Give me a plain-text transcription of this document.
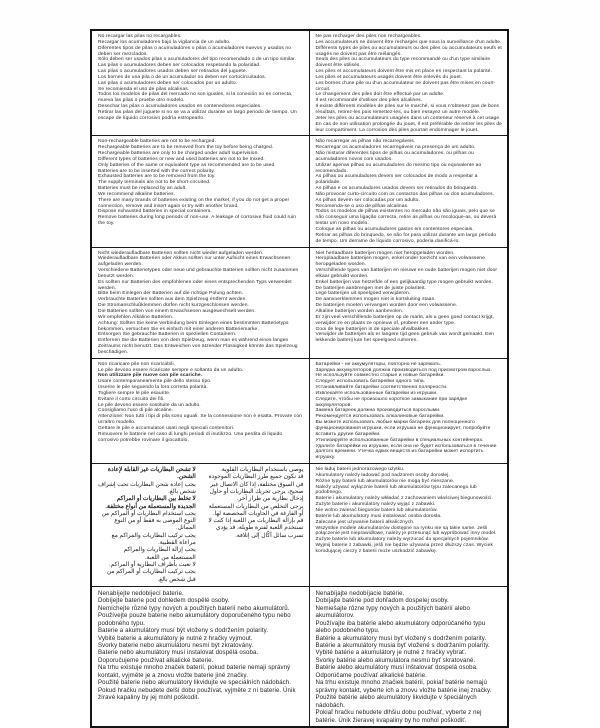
No recargar las pilas no recargables.
Recargar los acumuladores bajo la vigilancia de un adulto.
Diferentes tipos de pilas o acumuladores o pilas o acumuladores nuevos y usados no deben ser mezclados.
Sólo deben ser usados pilas o acumuladores del tipo recomendado o de un tipo similar.
Las pilas o acumuladores deben ser colocados respetando la polaridad.
Las pilas o acumuladores usados deben ser retirados del juguete.
Los bornes de una pila o de un acumulador no deben ser cortocircuitados.
Las pilas o acumuladores deben ser colocados por un adulto.
Se recomienda el uso de pilas alcalinas.
Todos los modelos de pilas del mercado no son iguales, si la conexión no es correcta, mueva las pilas o pruebe otro modelo.
Desechar las pilas o acumuladores usados en contenedores especiales.
Retirar las pilas del juguete si no se va a utilizar durante un largo periodo de tiempo. Un escape de líquido corrosivo podría estropearlo.

Ne pas recharger des piles non rechargeables.
Les accumulateurs ne doivent être rechargés que sous la surveillance d'un adulte.
Différents types de piles ou accumulateurs ou des piles ou accumulateurs neufs et usagés ne doivent pas être mélangés.
Seuls des piles ou accumulateurs du type recommandé ou d'un type similaire doivent être utilisés.
Les piles et accumulateurs doivent être mis en place en respectant la polarité.
Les piles et accumulateurs usagés doivent être enlevés du jouet.
Les bornes d'une pile ou d'un accumulateur ne doivent pas être mises en court-circuit.
Le changement des piles doit être effectué par un adulte.
Il est recommandé d'utiliser des piles alcalines.
Il existe différents modèles de piles sur le marché, si vous n'obtenez pas de bons résultats, retirez-les puis remettez-les, ou bien essayez un autre modèle.
Jeter les piles ou accumulateurs usagées dans un conteneur réservé à cet usage.
En cas de non utilisation prolongée du jouet, il est préférable de retirer les piles de leur compartiment. La corrosion des piles pourrait endommager le jouet.

Non-rechargeable batteries are not to be recharged.
Rechargeable batteries are to be removed from the toy before being charged.
Rechargeable batteries are only to be charged under adult supervision.
Different types of batteries or new and used batteries are not to be mixed.
Only batteries of the same or equivalent type as recommended are to be used.
Batteries are to be inserted with the correct polarity.
Exhausted batteries are to be removed from the toy.
The supply terminals are not to be short-circuited.
Batteries must be replaced by an adult.
We recommend alkaline batteries.
There are many brands of batteries existing on the market, if you do not get a proper connection, remove and insert again or try with another brand.
Dispose exhausted batteries in special containers.
Remove batteries during long periods of non-use. A leakage of corrosive fluid could ruin the toy.

Não recarregar as pilhas não recarregáveis.
Recarregar os acumuladores recarregáveis na presença de um adulto.
Não misturar diferentes tipos de pilhas ou acumuladores, ou pilhas ou acumuladores novos com usados.
Utilizar apenas pilhas ou acumuladores do mesmo tipo ou equivalente ao recomendado.
As pilhas ou acumuladores devem ser colocados de modo a respeitar a polaridade.
As pilhas e os acumuladores usados devem ser retirados do brinquedo.
Não provocar curto-circuito com os contactos das pilhas ou dos acumuladores.
As pilhas devem ser colocadas por um adulto.
Recomenda-se o uso de pilhas alcalinas.
Todos os modelos de pilhas existentes no mercado não são iguais, pelo que se não conseguir uma ligação correcta, retire as pilhas ou recoloque-as, ou deverá testar um novo modelo.
Coloque as pilhas ou acumuladores gastos em contentores especiais.
Retirar as pilhas do brinquedo, se não for para utilizar durante um largo período de tempo. Um derrame de líquido corrosivo, poderia danificá-lo.

Nicht wiederaufladbare Batterien sollten nicht wieder aufgeladen werden.
Wiederaufladbare Batterien oder Akkus sollten nur unter Aufsicht eines Erwachsenen aufgeladen werden.
Verschiedene Batterietypen oder neue und gebrauchte Batterien sollten nicht zusammen benutzt werden.
Es sollten nur Batterien des empfohlenen oder eines entsprechenden Typs verwendet werden.
Bitte beim Einlegen der Batterien auf die richtige Polung achten.
Verbrauchte Batterien sollten aus dem Spielzeug entfernt werden.
Die Stromanschlußklemmen dürfen nicht kurzgeschlossen werden.
Die Batterien sollten von einem Erwachsenen ausgewechselt werden.
Wir empfehlen Alkaline Batterien.
Achtung: Sollten Sie keine Verbindung beim Einlegen eines bestimmten Batterietyps bekommen, versuchen Sie es einfach mit einer anderen Batteriemarke.
Entsorgen Sie gebrauchte Batterien in speziellen Containern.
Entfernen Sie die Batterien von dem Spielzeug, wenn man es während eines langen Zeitraums nicht benutzt. Das Entweichen von ätzender Flüssigkeit könnte das Spielzeug beschädigen.

Niet herlaadbare batterijen mogen niet heropgeladen worden.
Heroplaadbare batterijen mogen, enkel onder toezicht van een volwassene heropgeladen worden.
Verschillende types van batterijen en nieuwe en oude batterijen mogen niet door elkaar gebruikt worden.
Enkel batterijen van hetzelfde of een gelijkaardig type mogen gebruikt worden.
De batterijen aanbrengen met de juiste polariteit.
Lege batterijen uit speelgoed verwijderen.
De aanvoerklemmen mogen niet in kortsluiting staan.
De batterijen moeten vervangen worden door een volwassene.
Alkaline batterijen worden aanbevolen.
Er zijn veel verschillende batterijen op de markt, als u geen goed contact krijgt, verwijder ze en plaats ze opnieuw of, probeer een ander type.
Gooi de lege batterijen in de speciale afvalbakken.
Verwijder de batterijen als er langere tijd geen gebruik van wordt gemaakt. Een lekkende batterij kan het speelgoed ruïneren.

Non ricaricare pile non ricaricabili.
Le pile devono essere ricaricate sempre e soltanto da un adulto.
Non utilizzare pile nuove con pile scariche.
Usare contemporaneamente pile dello stesso tipo.
Inserire le pile seguendo la loro corretta polarità.
Togliere sempre le pile esaurite.
Evitare il corto circuito dei fili.
Le pile devono essere sostituite da un adulto.
Consigliamo l'uso di pile alcaline.
Attenzione: Non tutti i tipi di pila sono uguali. Se la connessione non è esatta. Provare con un'altro modello.
Gettare le pile e accumulatori usati negli speciali contenitori.
Rimuovere le batterie nel caso di lunghi periodi di inutilizzo. Una perdita di liquido corrosivo potrebbe rovinare il giocattolo.

Батарейки - не аккумуляторы, повторно не заряжать.
Зарядка аккумуляторов должна производиться под присмотром взрослых.
Не используйте совместно старые и новые батарейки.
Следует использовать батарейки одного типа.
Устанавливайте батарейки соответственно полярности.
Извлекайте использованные батарейки из игрушки.
Следите, чтобы не произошло короткое замыкание при зарядке аккумуляторов.
Замена батареек должна производиться взрослыми.
Рекомендуется использовать алкалиновые батарейки.
Вы можете использовать любые марки батареек для полноценного функционирования игрушки, если игрушка не функционирует, попробуйте вставить другие батарейки.
Утилизируйте использованные батарейки в специальных контейнерах.
Удалите батарейки из игрушки, если она не будет использоваться в течение долгого времени. Утечка едких веществ из батарейки может испортить игрушку.

يوصى باستخدام البطاريات القلوية.
قد تكون جميع طرز البطاريات الموجودة في السوق مختلفة، إذا كان الاتصال غير صحيح، يرجى تحريك البطاريات أو حاول إدخال بطارية من طراز آخر.
يرجى التخلص من البطاريات المستعملة أو الفارغة في الحاويات المخصصة لها.
قم بإزالة البطاريات من اللعبة إذا كنت لا تستخدم اللعبة لفترة طويلة، قد يؤدي تسرب سائل أكّال إلى إتلافه.
لا تشحن البطاريات غير القابلة لإعادة الشحن.
يجب إعادة شحن البطاريات تحت إشراف شخص بالغ.
لا تخلط بين البطاريات أو المراكم الجديدة والمستعملة من أنواع مختلفة.
يجب استخدام البطاريات أو المراكم من النوع الموصى به فقط أو من النوع المماثل.
يجب تركيب البطاريات والمراكم مع مراعاة القطبية.
يجب إزالة البطاريات والمراكم المستعملة من اللعبة.
لا تعبث بأطراف البطارية أو المراكم.
يجب تركيب البطاريات أو المراكم من قبل شخص بالغ.

Nie ładuj baterii jednorazowego użytku.
Akumulatory należy ładować pod nadzorem osoby dorosłej.
Różne typy baterii lub akumulatorów nie mogą być mieszane.
Należy używać wyłącznie baterii lub akumulatorów typu zalecanego lub podobnego.
Baterie i akumulatory należy wkładać z zachowaniem właściwej biegunowości.
Zużyte baterie i akumulatory należy wyjąć z zabawki.
Nie wolno zwierać biegunów baterii lub akumulatorów.
Baterie lub akumulatory musi instalować osoba dorosła.
Zalecane jest używanie baterii alkalicznych.
Wszystkie modele akumulatorów dostępne na rynku nie są takie same. Jeśli połączenie jest nieprawidłowe, należy je przesunąć lub wypróbować inny model.
Zużyte baterie lub akumulatory należy wyrzucać do specjalnych pojemników.
Wyjmij baterie z zabawki, jeśli nie będzie używana przez dłuższy czas. Wyciek korodującej cieczy z baterii może uszkodzić zabawkę.

Nenabíjejte nedobíjecí baterie.
Dobíjejte baterie pod dohledem dospělé osoby.
Nemíchejte různé typy nových a použitých baterií nebo akumulátorů.
Používejte pouze baterie nebo akumulátory doporučeného typu nebo podobného typu.
Baterie a akumulátory musí být vloženy s dodržením polarity.
Vybité baterie a akumulátory je nutné z hračky vyjmout.
Svorky baterie nebo akumulátoru nesmí být zkratovány.
Baterie nebo akumulátory musí instalovat dospělá osoba.
Doporučujeme používat alkalické baterie.
Na trhu existuje mnoho značek baterií, pokud baterie nemají správný kontakt, vyjměte je a znovu vložte baterie jiné značky.
Použité baterie nebo akumulátory likvidujte ve speciálních nádobách.
Pokud hračku nebudete delší dobu používat, vyjměte z ní baterie. Únik žíravé kapaliny by jej mohl poškodit.

Nenabíjajte nedobíjacie batérie.
Dobíjajte batérie pod dohľadom dospelej osoby.
Nemiešajte rôzne typy nových a použitých batérií alebo akumulátorov.
Používajte iba batérie alebo akumulátory odporúčaného typu alebo podobného typu.
Batérie a akumulátory musí byť vložený s dodržením polarity.
Batérie a akumulátory musia byť vložené s dodržaním polarity.
Vybité batérie a akumulátory je nutné z hračky vybrať.
Svorky batérie alebo akumulátora nesmú byť skratované.
Batérie alebo akumulátory musí inštalovať dospelá osoba.
Odporúčame používať alkalické batérie.
Na trhu existuje mnoho značiek batérií, pokiaľ batérie nemajú správny kontakt, vyberte ich a znovu vložte batérie inej značky.
Použité batérie alebo akumulátory likvidujte v špeciálnych nádobách.
Pokiaľ hračku nebudete dlhšiu dobu používať, vyberte z nej batérie. Únik žieravej kvapaliny by ho mohol poškodiť.
